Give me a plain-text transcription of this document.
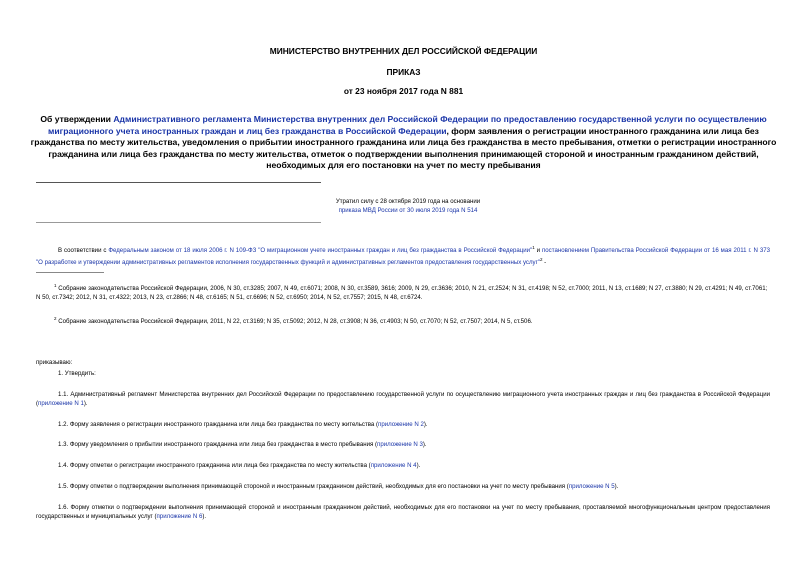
МИНИСТЕРСТВО ВНУТРЕННИХ ДЕЛ РОССИЙСКОЙ ФЕДЕРАЦИИ
ПРИКАЗ
от 23 ноября 2017 года N 881
Об утверждении Административного регламента Министерства внутренних дел Российской Федерации по предоставлению государственной услуги по осуществлению миграционного учета иностранных граждан и лиц без гражданства в Российской Федерации, форм заявления о регистрации иностранного гражданина или лица без гражданства по месту жительства, уведомления о прибытии иностранного гражданина или лица без гражданства в место пребывания, отметки о регистрации иностранного гражданина или лица без гражданства по месту жительства, отметок о подтверждении выполнения принимающей стороной и иностранным гражданином действий, необходимых для его постановки на учет по месту пребывания
Утратил силу с 28 октября 2019 года на основании
приказа МВД России от 30 июля 2019 года N 514
В соответствии с Федеральным законом от 18 июля 2006 г. N 109-ФЗ "О миграционном учете иностранных граждан и лиц без гражданства в Российской Федерации"$^1$ и постановлением Правительства Российской Федерации от 16 мая 2011 г. N 373 "О разработке и утверждении административных регламентов исполнения государственных функций и административных регламентов предоставления государственных услуг"$^2$ -
$^1$ Собрание законодательства Российской Федерации, 2006, N 30, ст.3285; 2007, N 49, ст.6071; 2008, N 30, ст.3589, 3616; 2009, N 29, ст.3636; 2010, N 21, ст.2524; N 31, ст.4198; N 52, ст.7000; 2011, N 13, ст.1689; N 27, ст.3880; N 29, ст.4291; N 49, ст.7061; N 50, ст.7342; 2012, N 31, ст.4322; 2013, N 23, ст.2866; N 48, ст.6165; N 51, ст.6696; N 52, ст.6950; 2014, N 52, ст.7557; 2015, N 48, ст.6724.
$^2$ Собрание законодательства Российской Федерации, 2011, N 22, ст.3169; N 35, ст.5092; 2012, N 28, ст.3908; N 36, ст.4903; N 50, ст.7070; N 52, ст.7507; 2014, N 5, ст.506.
приказываю:
1. Утвердить:
1.1. Административный регламент Министерства внутренних дел Российской Федерации по предоставлению государственной услуги по осуществлению миграционного учета иностранных граждан и лиц без гражданства в Российской Федерации (приложение N 1).
1.2. Форму заявления о регистрации иностранного гражданина или лица без гражданства по месту жительства (приложение N 2).
1.3. Форму уведомления о прибытии иностранного гражданина или лица без гражданства в место пребывания (приложение N 3).
1.4. Форму отметки о регистрации иностранного гражданина или лица без гражданства по месту жительства (приложение N 4).
1.5. Форму отметки о подтверждении выполнения принимающей стороной и иностранным гражданином действий, необходимых для его постановки на учет по месту пребывания (приложение N 5).
1.6. Форму отметки о подтверждении выполнения принимающей стороной и иностранным гражданином действий, необходимых для его постановки на учет по месту пребывания, проставляемой многофункциональным центром предоставления государственных и муниципальных услуг (приложение N 6).
